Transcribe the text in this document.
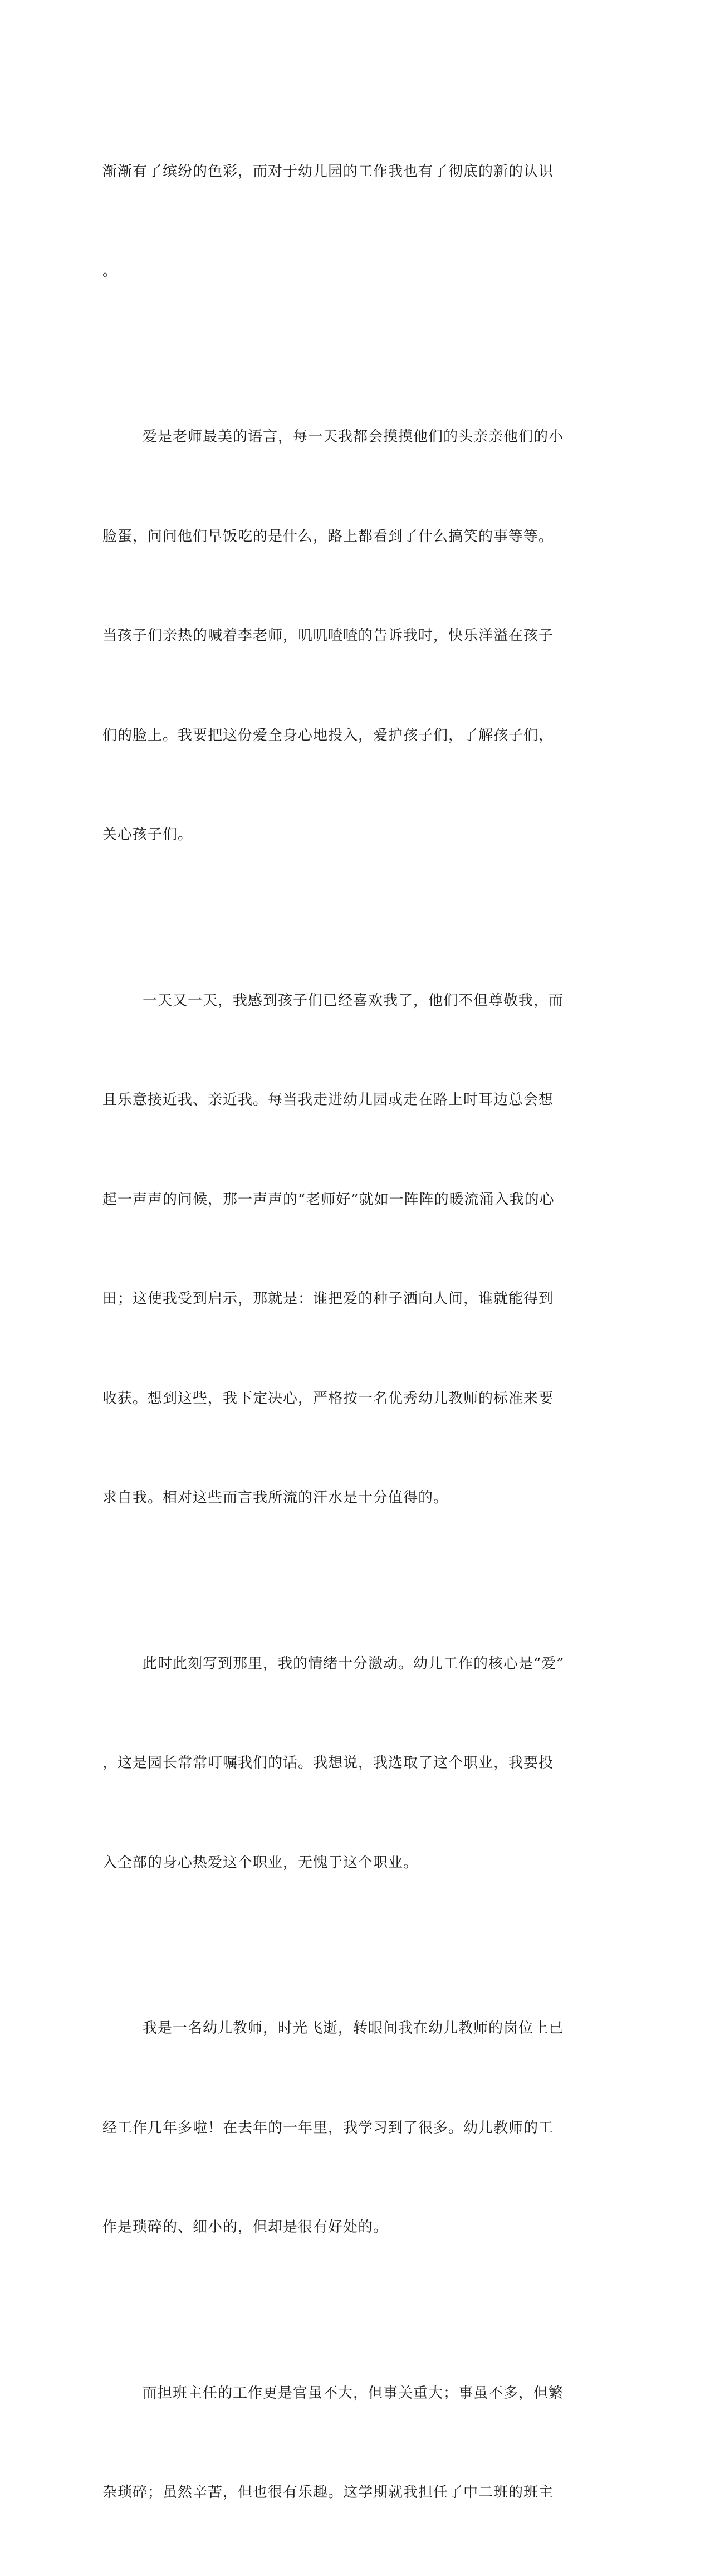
渐渐有了缤纷的色彩，而对于幼儿园的工作我也有了彻底的新的认识

。

爱是老师最美的语言，每一天我都会摸摸他们的头亲亲他们的小

脸蛋，问问他们早饭吃的是什么，路上都看到了什么搞笑的事等等。

当孩子们亲热的喊着李老师，叽叽喳喳的告诉我时，快乐洋溢在孩子

们的脸上。我要把这份爱全身心地投入，爱护孩子们，了解孩子们，

关心孩子们。

一天又一天，我感到孩子们已经喜欢我了，他们不但尊敬我，而

且乐意接近我、亲近我。每当我走进幼儿园或走在路上时耳边总会想

起一声声的问候，那一声声的“老师好”就如一阵阵的暖流涌入我的心

田；这使我受到启示，那就是：谁把爱的种子洒向人间，谁就能得到

收获。想到这些，我下定决心，严格按一名优秀幼儿教师的标准来要

求自我。相对这些而言我所流的汗水是十分值得的。

此时此刻写到那里，我的情绪十分激动。幼儿工作的核心是“爱”

，这是园长常常叮嘱我们的话。我想说，我选取了这个职业，我要投

入全部的身心热爱这个职业，无愧于这个职业。

我是一名幼儿教师，时光飞逝，转眼间我在幼儿教师的岗位上已

经工作几年多啦！在去年的一年里，我学习到了很多。幼儿教师的工

作是琐碎的、细小的，但却是很有好处的。

而担班主任的工作更是官虽不大，但事关重大；事虽不多，但繁

杂琐碎；虽然辛苦，但也很有乐趣。这学期就我担任了中二班的班主
